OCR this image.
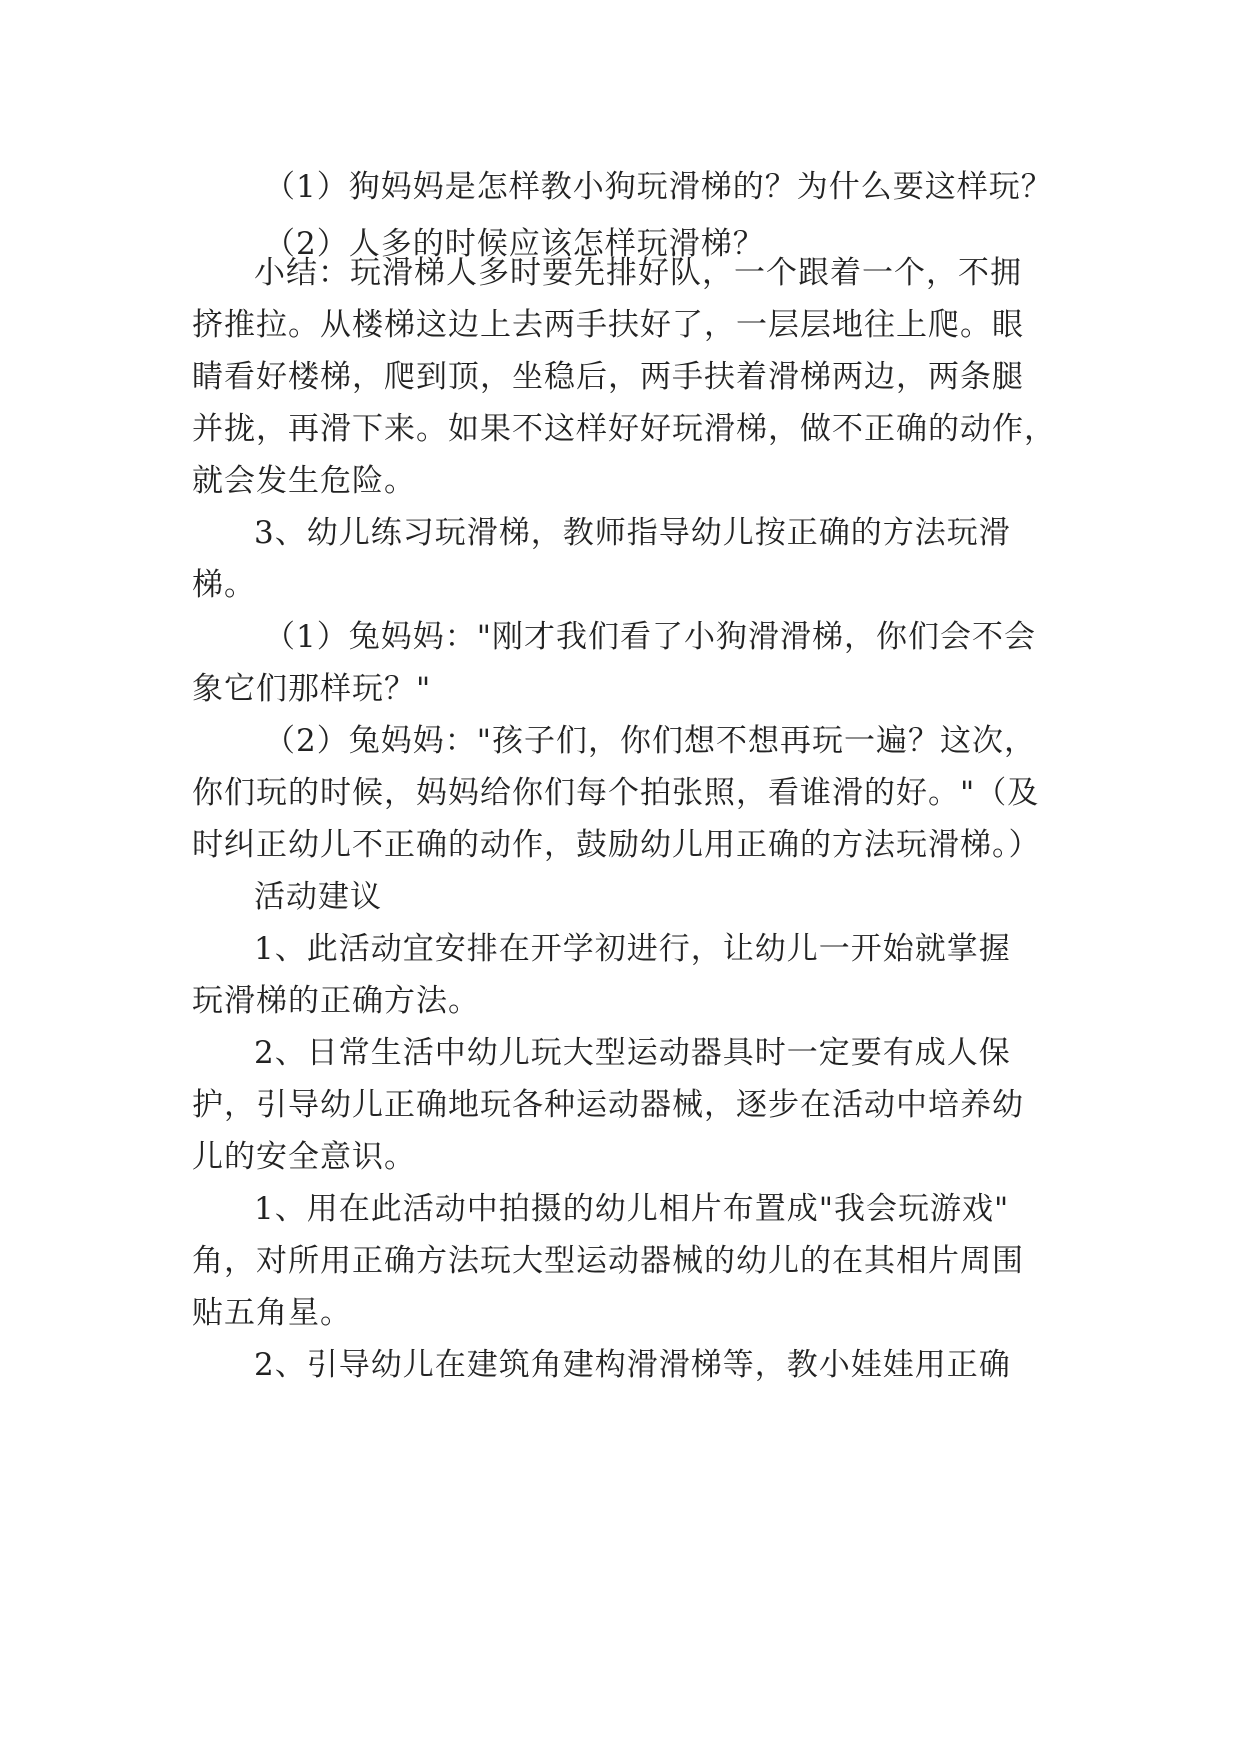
（1）狗妈妈是怎样教小狗玩滑梯的？为什么要这样玩？
（2）人多的时候应该怎样玩滑梯？
小结：玩滑梯人多时要先排好队，一个跟着一个，不拥
挤推拉。从楼梯这边上去两手扶好了，一层层地往上爬。眼
睛看好楼梯，爬到顶，坐稳后，两手扶着滑梯两边，两条腿
并拢，再滑下来。如果不这样好好玩滑梯，做不正确的动作，
就会发生危险。
3、幼儿练习玩滑梯，教师指导幼儿按正确的方法玩滑
梯。
（1）兔妈妈："刚才我们看了小狗滑滑梯，你们会不会
象它们那样玩？"
（2）兔妈妈："孩子们，你们想不想再玩一遍？这次，
你们玩的时候，妈妈给你们每个拍张照，看谁滑的好。"（及
时纠正幼儿不正确的动作，鼓励幼儿用正确的方法玩滑梯。）
活动建议
1、此活动宜安排在开学初进行，让幼儿一开始就掌握
玩滑梯的正确方法。
2、日常生活中幼儿玩大型运动器具时一定要有成人保
护，引导幼儿正确地玩各种运动器械，逐步在活动中培养幼
儿的安全意识。
1、用在此活动中拍摄的幼儿相片布置成"我会玩游戏"
角，对所用正确方法玩大型运动器械的幼儿的在其相片周围
贴五角星。
2、引导幼儿在建筑角建构滑滑梯等，教小娃娃用正确
